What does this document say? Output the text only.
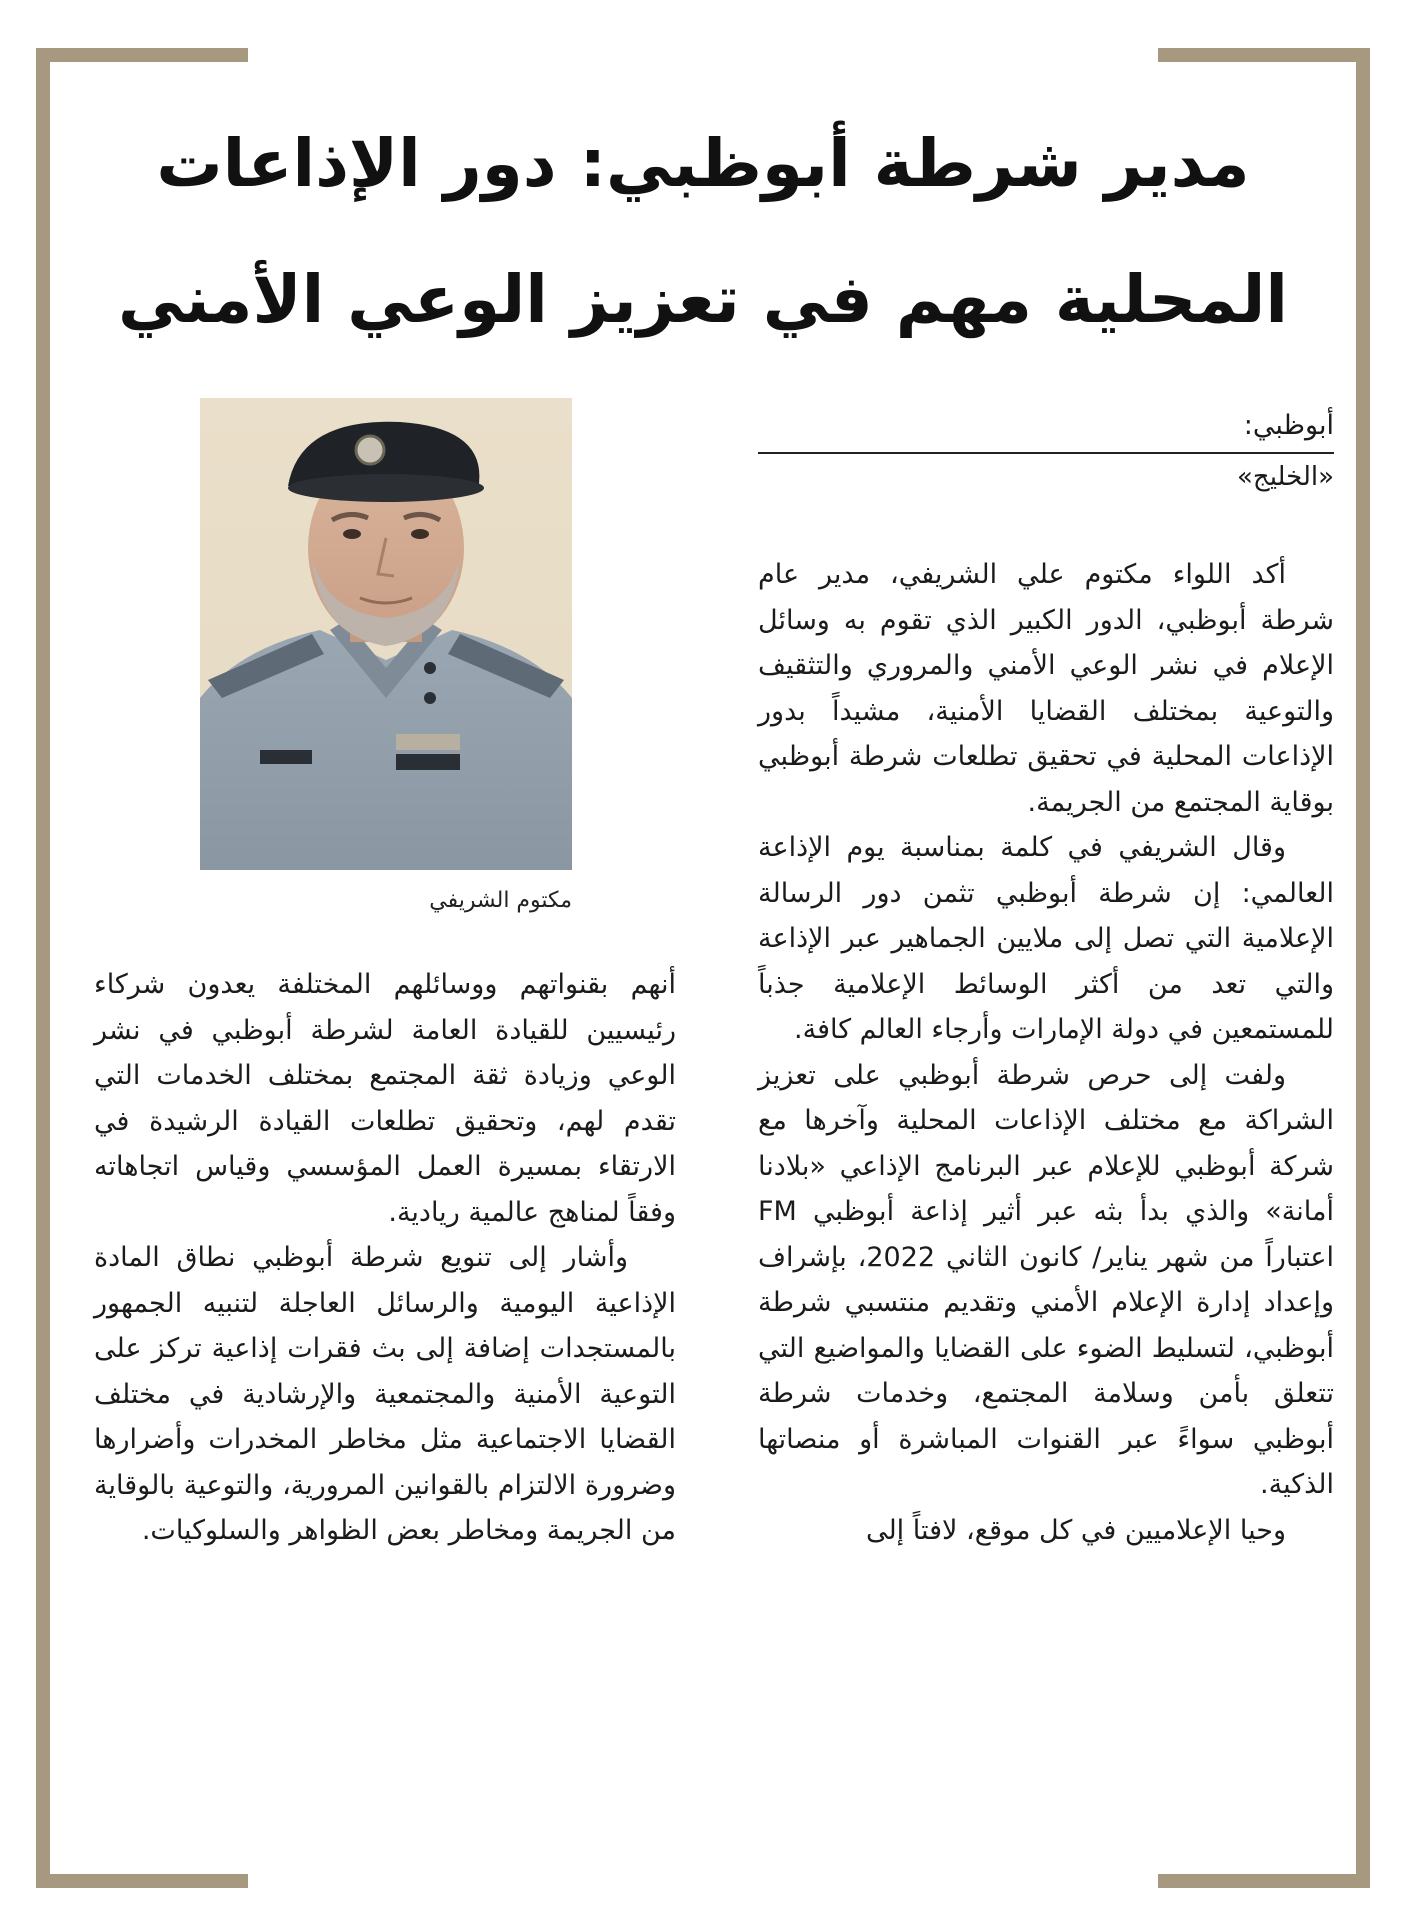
مدير شرطة أبوظبي: دور الإذاعات
المحلية مهم في تعزيز الوعي الأمني
أبوظبي:
«الخليج»
مكتوم الشريفي

أكد اللواء مكتوم علي الشريفي، مدير عام شرطة أبوظبي، الدور الكبير الذي تقوم به وسائل الإعلام في نشر الوعي الأمني والمروري والتثقيف والتوعية بمختلف القضايا الأمنية، مشيداً بدور الإذاعات المحلية في تحقيق تطلعات شرطة أبوظبي بوقاية المجتمع من الجريمة.

وقال الشريفي في كلمة بمناسبة يوم الإذاعة العالمي: إن شرطة أبوظبي تثمن دور الرسالة الإعلامية التي تصل إلى ملايين الجماهير عبر الإذاعة والتي تعد من أكثر الوسائط الإعلامية جذباً للمستمعين في دولة الإمارات وأرجاء العالم كافة.

ولفت إلى حرص شرطة أبوظبي على تعزيز الشراكة مع مختلف الإذاعات المحلية وآخرها مع شركة أبوظبي للإعلام عبر البرنامج الإذاعي «بلادنا أمانة» والذي بدأ بثه عبر أثير إذاعة أبوظبي FM اعتباراً من شهر يناير/ كانون الثاني 2022، بإشراف وإعداد إدارة الإعلام الأمني وتقديم منتسبي شرطة أبوظبي، لتسليط الضوء على القضايا والمواضيع التي تتعلق بأمن وسلامة المجتمع، وخدمات شرطة أبوظبي سواءً عبر القنوات المباشرة أو منصاتها الذكية.

وحيا الإعلاميين في كل موقع، لافتاً إلى

أنهم بقنواتهم ووسائلهم المختلفة يعدون شركاء رئيسيين للقيادة العامة لشرطة أبوظبي في نشر الوعي وزيادة ثقة المجتمع بمختلف الخدمات التي تقدم لهم، وتحقيق تطلعات القيادة الرشيدة في الارتقاء بمسيرة العمل المؤسسي وقياس اتجاهاته وفقاً لمناهج عالمية ريادية.

وأشار إلى تنويع شرطة أبوظبي نطاق المادة الإذاعية اليومية والرسائل العاجلة لتنبيه الجمهور بالمستجدات إضافة إلى بث فقرات إذاعية تركز على التوعية الأمنية والمجتمعية والإرشادية في مختلف القضايا الاجتماعية مثل مخاطر المخدرات وأضرارها وضرورة الالتزام بالقوانين المرورية، والتوعية بالوقاية من الجريمة ومخاطر بعض الظواهر والسلوكيات.
